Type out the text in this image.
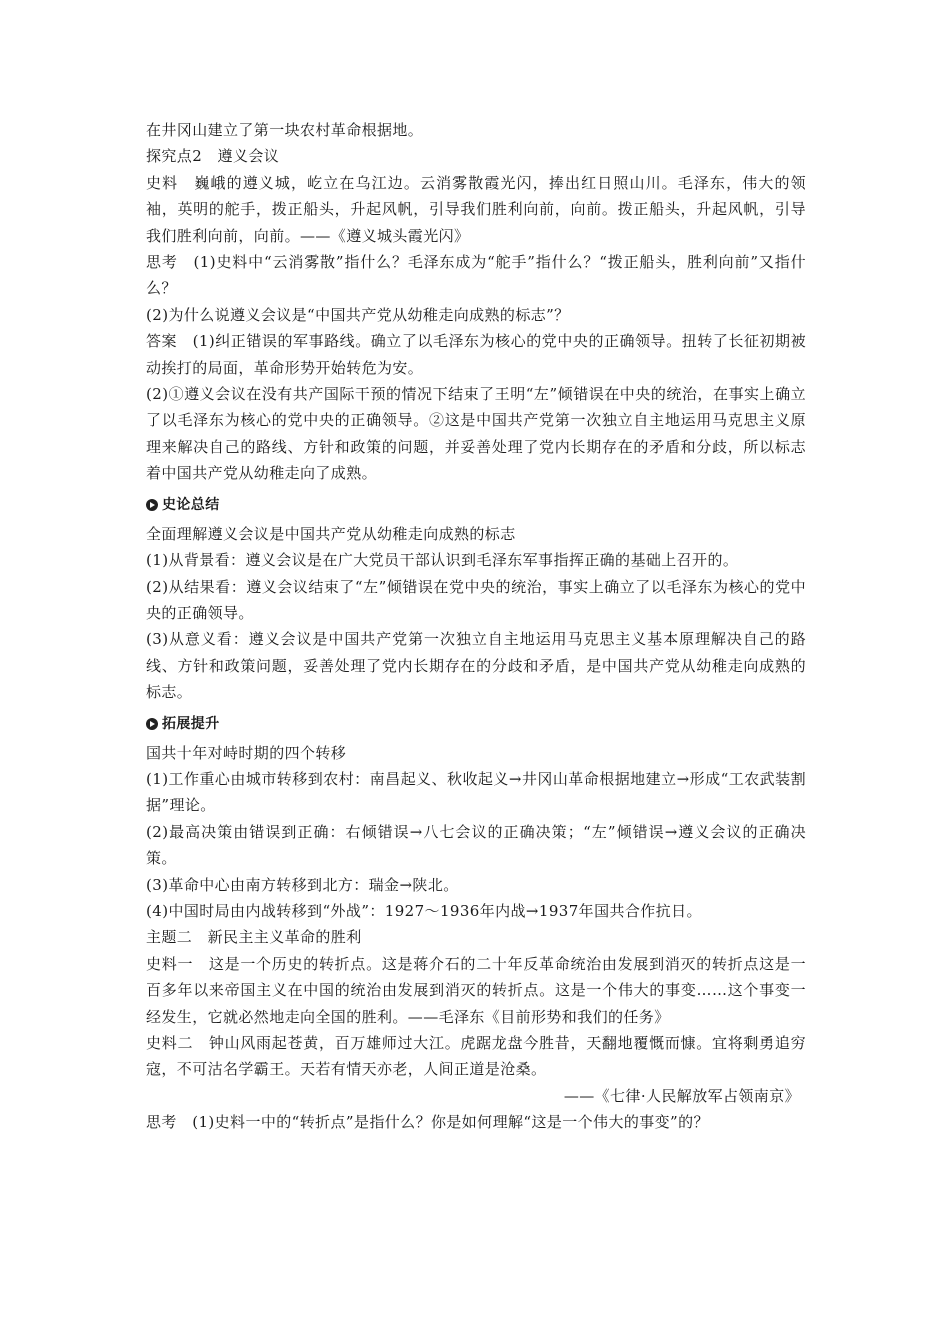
在井冈山建立了第一块农村革命根据地。

探究点2　遵义会议

史料　巍峨的遵义城，屹立在乌江边。云消雾散霞光闪，捧出红日照山川。毛泽东，伟大的领袖，英明的舵手，拨正船头，升起风帆，引导我们胜利向前，向前。拨正船头，升起风帆，引导我们胜利向前，向前。——《遵义城头霞光闪》

思考　(1)史料中“云消雾散”指什么？毛泽东成为“舵手”指什么？“拨正船头，胜利向前”又指什么？

(2)为什么说遵义会议是“中国共产党从幼稚走向成熟的标志”？

答案　(1)纠正错误的军事路线。确立了以毛泽东为核心的党中央的正确领导。扭转了长征初期被动挨打的局面，革命形势开始转危为安。

(2)①遵义会议在没有共产国际干预的情况下结束了王明“左”倾错误在中央的统治，在事实上确立了以毛泽东为核心的党中央的正确领导。②这是中国共产党第一次独立自主地运用马克思主义原理来解决自己的路线、方针和政策的问题，并妥善处理了党内长期存在的矛盾和分歧，所以标志着中国共产党从幼稚走向了成熟。

史论总结

全面理解遵义会议是中国共产党从幼稚走向成熟的标志

(1)从背景看：遵义会议是在广大党员干部认识到毛泽东军事指挥正确的基础上召开的。

(2)从结果看：遵义会议结束了“左”倾错误在党中央的统治，事实上确立了以毛泽东为核心的党中央的正确领导。

(3)从意义看：遵义会议是中国共产党第一次独立自主地运用马克思主义基本原理解决自己的路线、方针和政策问题，妥善处理了党内长期存在的分歧和矛盾，是中国共产党从幼稚走向成熟的标志。

拓展提升

国共十年对峙时期的四个转移

(1)工作重心由城市转移到农村：南昌起义、秋收起义→井冈山革命根据地建立→形成“工农武装割据”理论。

(2)最高决策由错误到正确：右倾错误→八七会议的正确决策；“左”倾错误→遵义会议的正确决策。

(3)革命中心由南方转移到北方：瑞金→陕北。

(4)中国时局由内战转移到“外战”：1927～1936年内战→1937年国共合作抗日。

主题二　新民主主义革命的胜利

史料一　这是一个历史的转折点。这是蒋介石的二十年反革命统治由发展到消灭的转折点这是一百多年以来帝国主义在中国的统治由发展到消灭的转折点。这是一个伟大的事变……这个事变一经发生，它就必然地走向全国的胜利。——毛泽东《目前形势和我们的任务》

史料二　钟山风雨起苍黄，百万雄师过大江。虎踞龙盘今胜昔，天翻地覆慨而慷。宜将剩勇追穷寇，不可沽名学霸王。天若有情天亦老，人间正道是沧桑。

——《七律·人民解放军占领南京》

思考　(1)史料一中的“转折点”是指什么？你是如何理解“这是一个伟大的事变”的？
